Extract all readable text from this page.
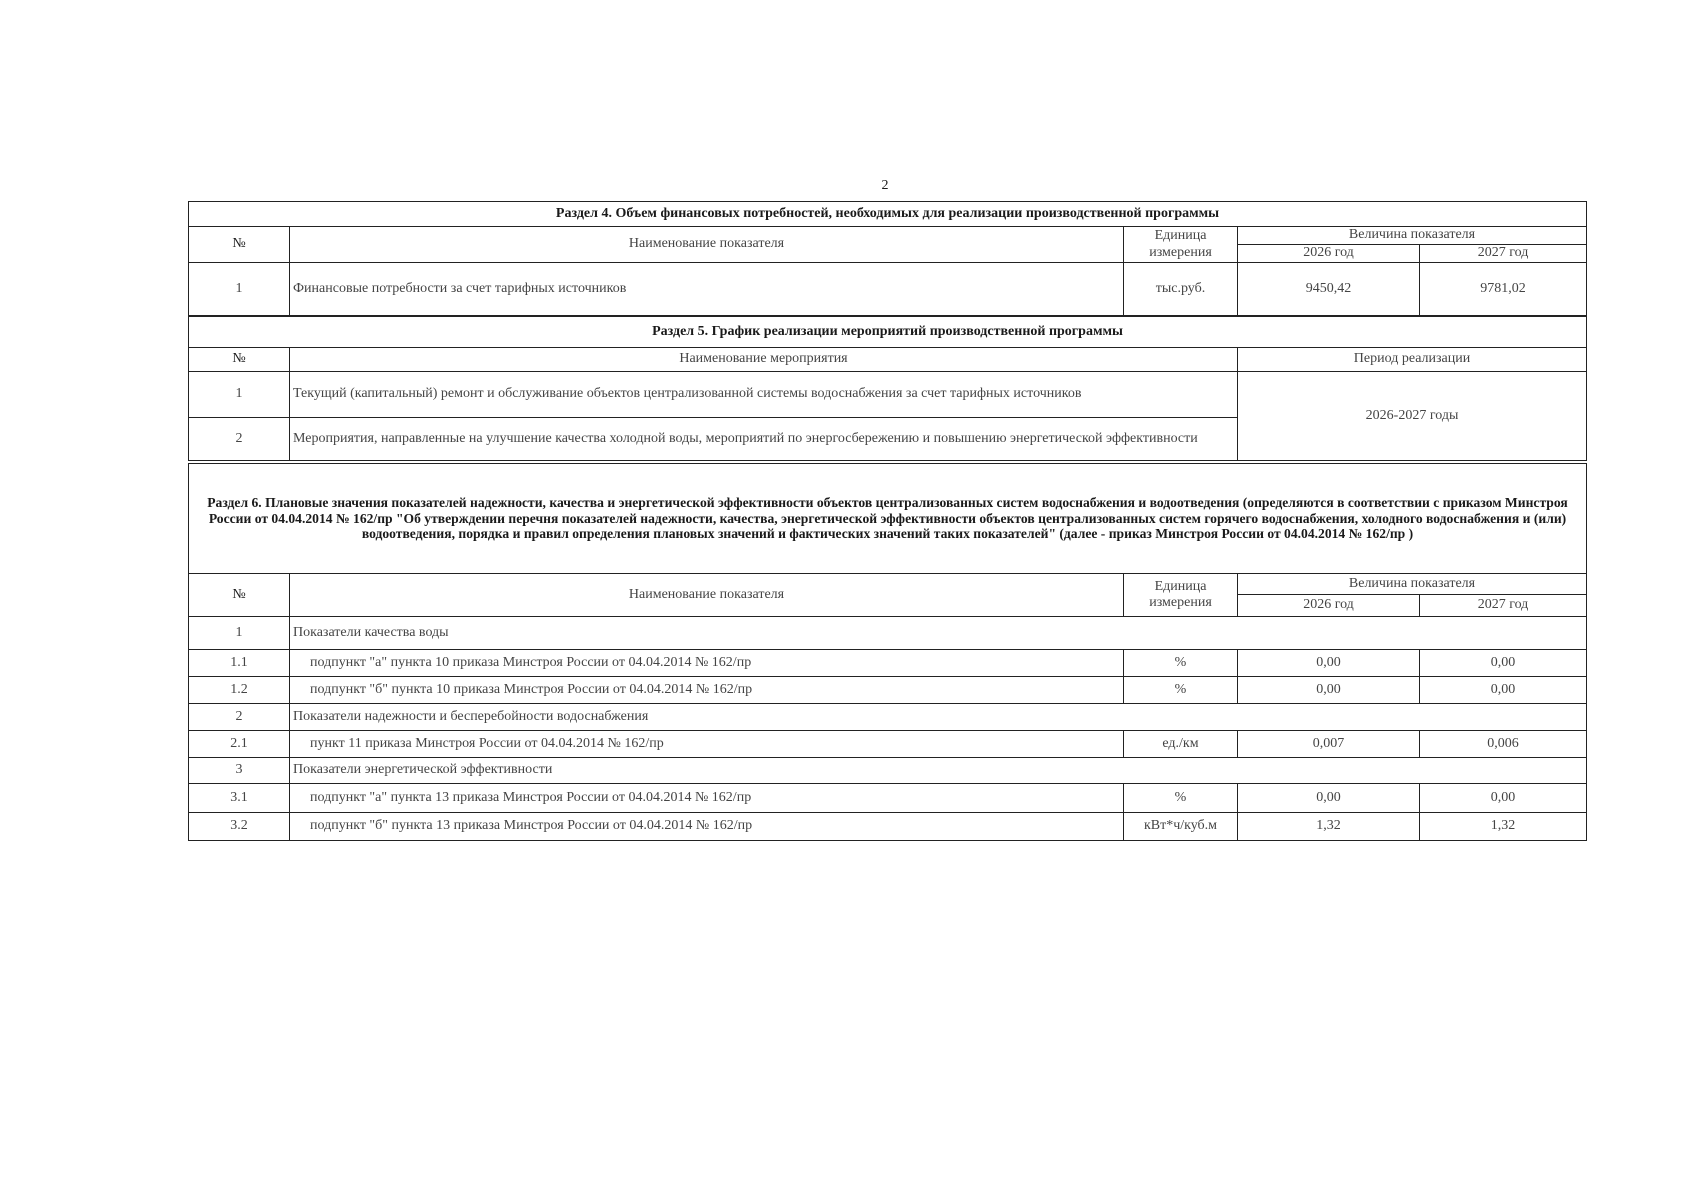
2
Раздел 4. Объем финансовых потребностей, необходимых для реализации производственной программы				
№	Наименование показателя	Единица измерения	Величина показателя	
			2026 год	2027 год
1	Финансовые потребности за счет тарифных источников	тыс.руб.	9450,42	9781,02
Раздел 5. График реализации мероприятий производственной программы		
№	Наименование мероприятия	Период реализации
1	Текущий (капитальный) ремонт и обслуживание объектов централизованной системы водоснабжения за счет тарифных источников	2026-2027 годы
2	Мероприятия, направленные на улучшение качества холодной воды, мероприятий по энергосбережению и повышению энергетической эффективности	
Раздел 6. Плановые значения показателей надежности, качества и энергетической эффективности объектов централизованных систем водоснабжения и водоотведения (определяются в соответствии с приказом Минстроя России от 04.04.2014 № 162/пр "Об утверждении перечня показателей надежности, качества, энергетической эффективности объектов централизованных систем горячего водоснабжения, холодного водоснабжения и (или) водоотведения, порядка и правил определения плановых значений и фактических значений таких показателей" (далее - приказ Минстроя России от 04.04.2014 № 162/пр )				
№	Наименование показателя	Единица измерения	Величина показателя	
			2026 год	2027 год
1	Показатели качества воды			
1.1	подпункт "а" пункта 10 приказа Минстроя России от 04.04.2014 № 162/пр	%	0,00	0,00
1.2	подпункт "б" пункта 10 приказа Минстроя России от 04.04.2014 № 162/пр	%	0,00	0,00
2	Показатели надежности и бесперебойности водоснабжения			
2.1	пункт 11 приказа Минстроя России от 04.04.2014 № 162/пр	ед./км	0,007	0,006
3	Показатели энергетической эффективности			
3.1	подпункт "а" пункта 13 приказа Минстроя России от 04.04.2014 № 162/пр	%	0,00	0,00
3.2	подпункт "б" пункта 13 приказа Минстроя России от 04.04.2014 № 162/пр	кВт*ч/куб.м	1,32	1,32
